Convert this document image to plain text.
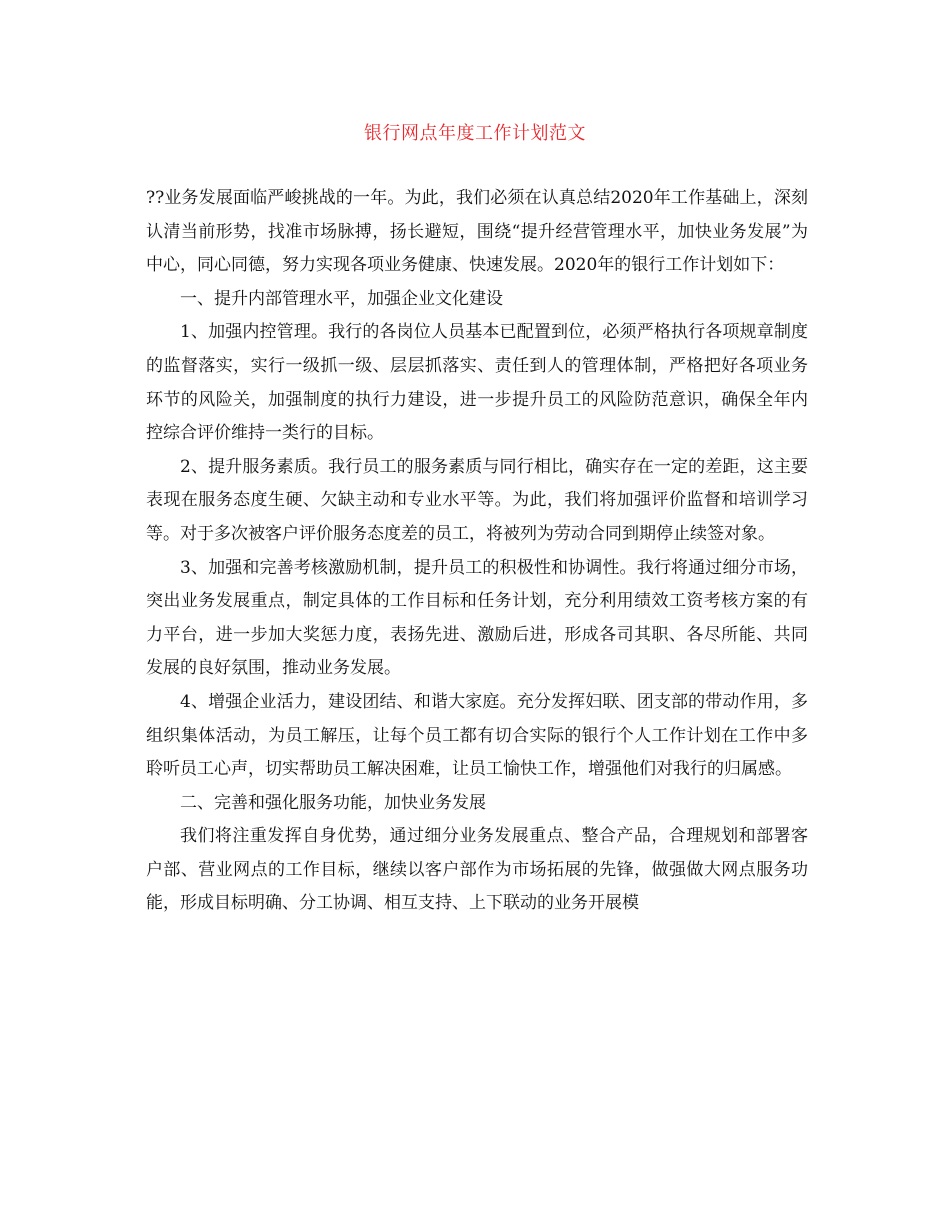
银行网点年度工作计划范文

??业务发展面临严峻挑战的一年。为此，我们必须在认真总结2020年工作基础上，深刻认清当前形势，找准市场脉搏，扬长避短，围绕“提升经营管理水平，加快业务发展”为中心，同心同德，努力实现各项业务健康、快速发展。2020年的银行工作计划如下：

一、提升内部管理水平，加强企业文化建设

1、加强内控管理。我行的各岗位人员基本已配置到位，必须严格执行各项规章制度的监督落实，实行一级抓一级、层层抓落实、责任到人的管理体制，严格把好各项业务环节的风险关，加强制度的执行力建设，进一步提升员工的风险防范意识，确保全年内控综合评价维持一类行的目标。

2、提升服务素质。我行员工的服务素质与同行相比，确实存在一定的差距，这主要表现在服务态度生硬、欠缺主动和专业水平等。为此，我们将加强评价监督和培训学习等。对于多次被客户评价服务态度差的员工，将被列为劳动合同到期停止续签对象。

3、加强和完善考核激励机制，提升员工的积极性和协调性。我行将通过细分市场，突出业务发展重点，制定具体的工作目标和任务计划，充分利用绩效工资考核方案的有力平台，进一步加大奖惩力度，表扬先进、激励后进，形成各司其职、各尽所能、共同发展的良好氛围，推动业务发展。

4、增强企业活力，建设团结、和谐大家庭。充分发挥妇联、团支部的带动作用，多组织集体活动，为员工解压，让每个员工都有切合实际的银行个人工作计划在工作中多聆听员工心声，切实帮助员工解决困难，让员工愉快工作，增强他们对我行的归属感。

二、完善和强化服务功能，加快业务发展

我们将注重发挥自身优势，通过细分业务发展重点、整合产品，合理规划和部署客户部、营业网点的工作目标，继续以客户部作为市场拓展的先锋，做强做大网点服务功能，形成目标明确、分工协调、相互支持、上下联动的业务开展模
